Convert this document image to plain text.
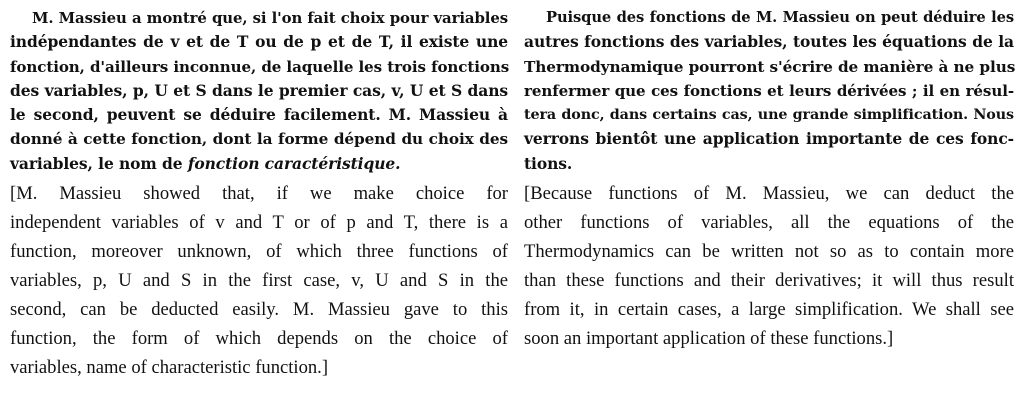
M. Massieu a montré que, si l'on fait choix pour variables
indépendantes de v et de T ou de p et de T, il existe une
fonction, d'ailleurs inconnue, de laquelle les trois fonctions
des variables, p, U et S dans le premier cas, v, U et S dans
le second, peuvent se déduire facilement. M. Massieu à
donné à cette fonction, dont la forme dépend du choix des
variables, le nom de fonction caractéristique.
[M. Massieu showed that, if we make choice for
independent variables of v and T or of p and T, there is a
function, moreover unknown, of which three functions of
variables, p, U and S in the first case, v, U and S in the
second, can be deducted easily. M. Massieu gave to this
function, the form of which depends on the choice of
variables, name of characteristic function.]
Puisque des fonctions de M. Massieu on peut déduire les
autres fonctions des variables, toutes les équations de la
Thermodynamique pourront s'écrire de manière à ne plus
renfermer que ces fonctions et leurs dérivées ; il en résul-
tera donc, dans certains cas, une grande simplification. Nous
verrons bientôt une application importante de ces fonc-
tions.
[Because functions of M. Massieu, we can deduct the
other functions of variables, all the equations of the
Thermodynamics can be written not so as to contain more
than these functions and their derivatives; it will thus result
from it, in certain cases, a large simplification. We shall see
soon an important application of these functions.]
